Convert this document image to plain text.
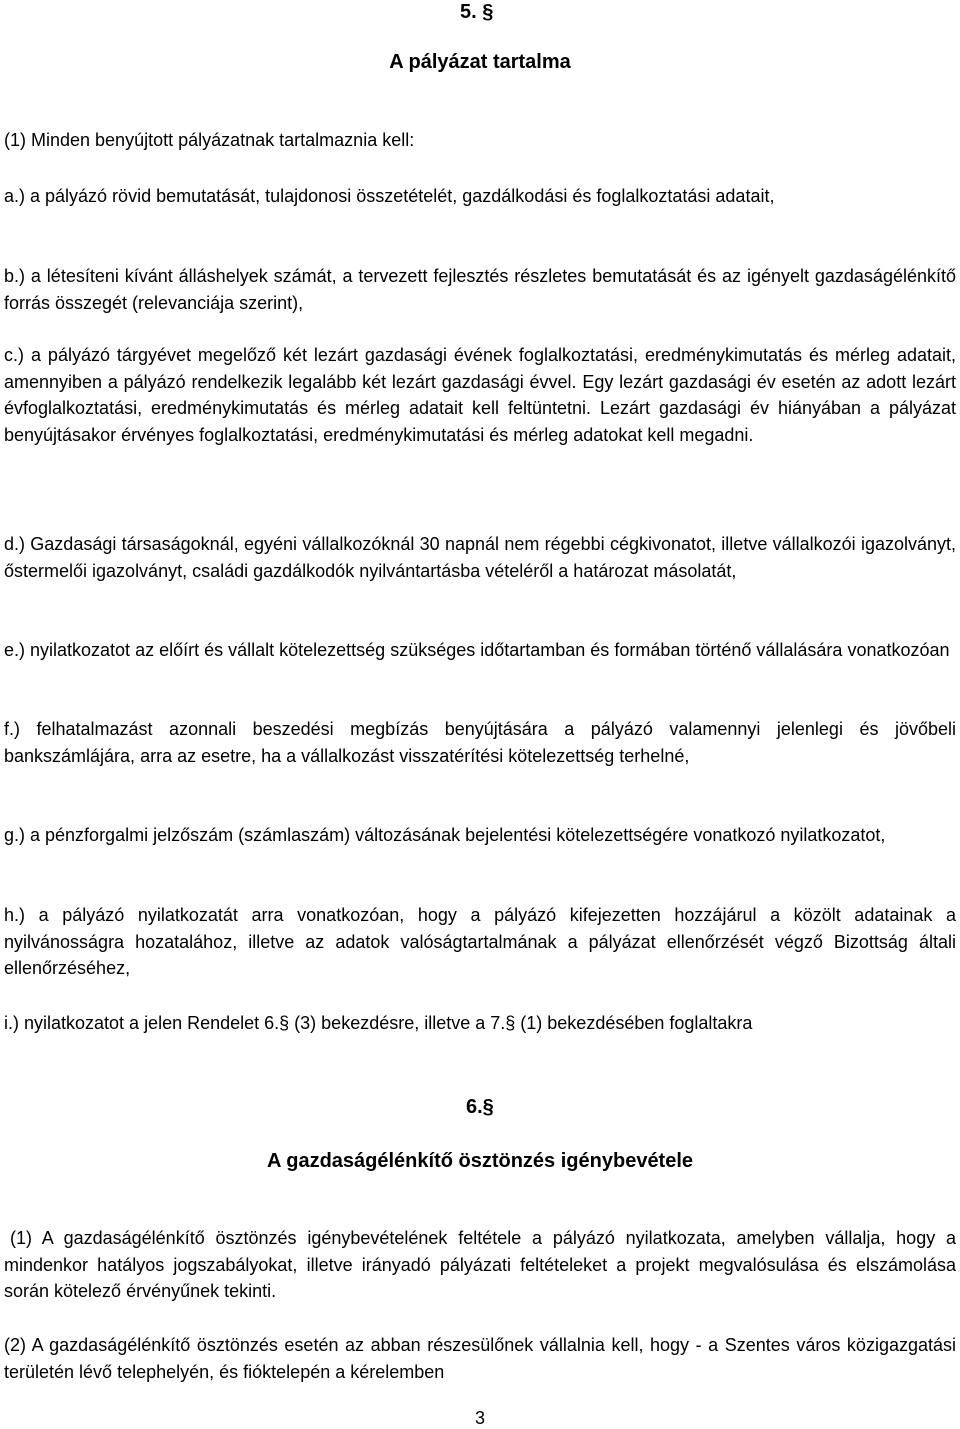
5. §
A pályázat tartalma

(1) Minden benyújtott pályázatnak tartalmaznia kell:

a.) a pályázó rövid bemutatását, tulajdonosi összetételét, gazdálkodási és foglalkoztatási adatait,

b.) a létesíteni kívánt álláshelyek számát, a tervezett fejlesztés részletes bemutatását és az igényelt gazdaságélénkítő forrás összegét (relevanciája szerint),

c.) a pályázó tárgyévet megelőző két lezárt gazdasági évének foglalkoztatási, eredménykimutatás és mérleg adatait, amennyiben a pályázó rendelkezik legalább két lezárt gazdasági évvel. Egy lezárt gazdasági év esetén az adott lezárt évfoglalkoztatási, eredménykimutatás és mérleg adatait kell feltüntetni. Lezárt gazdasági év hiányában a pályázat benyújtásakor érvényes foglalkoztatási, eredménykimutatási és mérleg adatokat kell megadni.

d.) Gazdasági társaságoknál, egyéni vállalkozóknál 30 napnál nem régebbi cégkivonatot, illetve vállalkozói igazolványt, őstermelői igazolványt, családi gazdálkodók nyilvántartásba vételéről a határozat másolatát,

e.) nyilatkozatot az előírt és vállalt kötelezettség szükséges időtartamban és formában történő vállalására vonatkozóan

f.) felhatalmazást azonnali beszedési megbízás benyújtására a pályázó valamennyi jelenlegi és jövőbeli bankszámlájára, arra az esetre, ha a vállalkozást visszatérítési kötelezettség terhelné,

g.) a pénzforgalmi jelzőszám (számlaszám) változásának bejelentési kötelezettségére vonatkozó nyilatkozatot,

h.) a pályázó nyilatkozatát arra vonatkozóan, hogy a pályázó kifejezetten hozzájárul a közölt adatainak a nyilvánosságra hozatalához, illetve az adatok valóságtartalmának a pályázat ellenőrzését végző Bizottság általi ellenőrzéséhez,

i.) nyilatkozatot a jelen Rendelet 6.§ (3) bekezdésre, illetve a 7.§ (1) bekezdésében foglaltakra

6.§
A gazdaságélénkítő ösztönzés igénybevétele

(1) A gazdaságélénkítő ösztönzés igénybevételének feltétele a pályázó nyilatkozata, amelyben vállalja, hogy a mindenkor hatályos jogszabályokat, illetve irányadó pályázati feltételeket a projekt megvalósulása és elszámolása során kötelező érvényűnek tekinti.

(2) A gazdaságélénkítő ösztönzés esetén az abban részesülőnek vállalnia kell, hogy - a Szentes város közigazgatási területén lévő telephelyén, és fióktelepén a kérelemben

3
